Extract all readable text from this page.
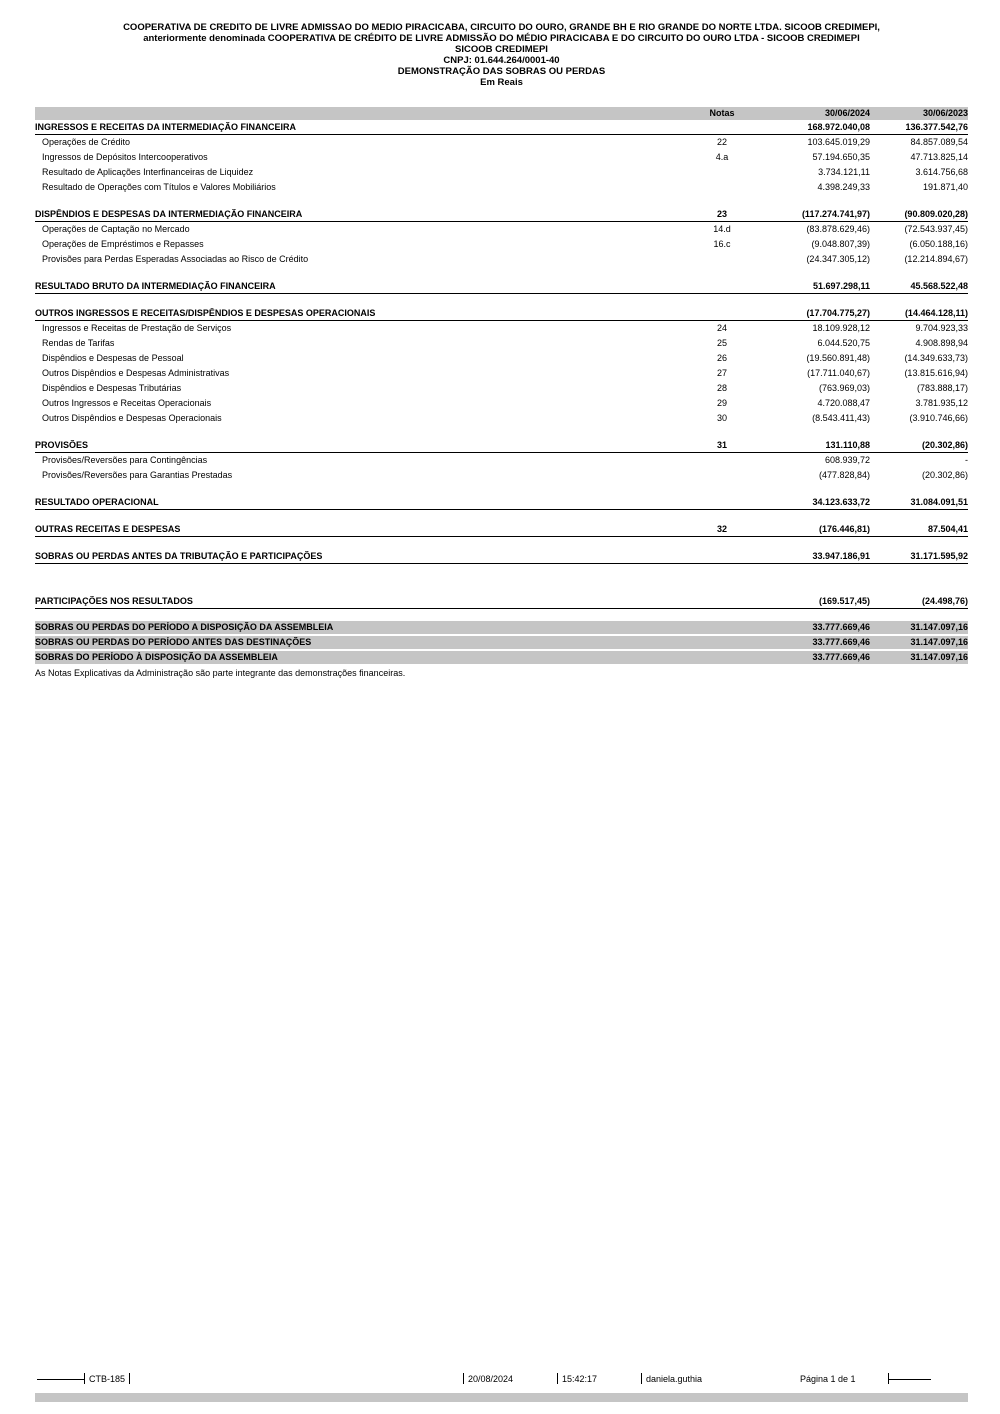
COOPERATIVA DE CREDITO DE LIVRE ADMISSAO DO MEDIO PIRACICABA, CIRCUITO DO OURO, GRANDE BH E RIO GRANDE DO NORTE LTDA. SICOOB CREDIMEPI,
anteriormente denominada COOPERATIVA DE CRÉDITO DE LIVRE ADMISSÃO DO MÉDIO PIRACICABA E DO CIRCUITO DO OURO LTDA - SICOOB CREDIMEPI
SICOOB CREDIMEPI
CNPJ: 01.644.264/0001-40
DEMONSTRAÇÃO DAS SOBRAS OU PERDAS
Em Reais
Notas	30/06/2024	30/06/2023
INGRESSOS E RECEITAS DA INTERMEDIAÇÃO FINANCEIRA	168.972.040,08	136.377.542,76
Operações de Crédito	22	103.645.019,29	84.857.089,54
Ingressos de Depósitos Intercooperativos	4.a	57.194.650,35	47.713.825,14
Resultado de Aplicações Interfinanceiras de Liquidez	3.734.121,11	3.614.756,68
Resultado de Operações com Títulos e Valores Mobiliários	4.398.249,33	191.871,40
DISPÊNDIOS E DESPESAS DA INTERMEDIAÇÃO FINANCEIRA	23	(117.274.741,97)	(90.809.020,28)
Operações de Captação no Mercado	14.d	(83.878.629,46)	(72.543.937,45)
Operações de Empréstimos e Repasses	16.c	(9.048.807,39)	(6.050.188,16)
Provisões para Perdas Esperadas Associadas ao Risco de Crédito	(24.347.305,12)	(12.214.894,67)
RESULTADO BRUTO DA INTERMEDIAÇÃO FINANCEIRA	51.697.298,11	45.568.522,48
OUTROS INGRESSOS E RECEITAS/DISPÊNDIOS E DESPESAS OPERACIONAIS	(17.704.775,27)	(14.464.128,11)
Ingressos e Receitas de Prestação de Serviços	24	18.109.928,12	9.704.923,33
Rendas de Tarifas	25	6.044.520,75	4.908.898,94
Dispêndios e Despesas de Pessoal	26	(19.560.891,48)	(14.349.633,73)
Outros Dispêndios e Despesas Administrativas	27	(17.711.040,67)	(13.815.616,94)
Dispêndios e Despesas Tributárias	28	(763.969,03)	(783.888,17)
Outros Ingressos e Receitas Operacionais	29	4.720.088,47	3.781.935,12
Outros Dispêndios e Despesas Operacionais	30	(8.543.411,43)	(3.910.746,66)
PROVISÕES	31	131.110,88	(20.302,86)
Provisões/Reversões para Contingências	608.939,72	-
Provisões/Reversões para Garantias Prestadas	(477.828,84)	(20.302,86)
RESULTADO OPERACIONAL	34.123.633,72	31.084.091,51
OUTRAS RECEITAS E DESPESAS	32	(176.446,81)	87.504,41
SOBRAS OU PERDAS ANTES DA TRIBUTAÇÃO E PARTICIPAÇÕES	33.947.186,91	31.171.595,92
PARTICIPAÇÕES NOS RESULTADOS	(169.517,45)	(24.498,76)
SOBRAS OU PERDAS DO PERÍODO A DISPOSIÇÃO DA ASSEMBLEIA	33.777.669,46	31.147.097,16
SOBRAS OU PERDAS DO PERÍODO ANTES DAS DESTINAÇÕES	33.777.669,46	31.147.097,16
SOBRAS DO PERÍODO À DISPOSIÇÃO DA ASSEMBLEIA	33.777.669,46	31.147.097,16
As Notas Explicativas da Administração são parte integrante das demonstrações financeiras.
CTB-185	20/08/2024	15:42:17	daniela.guthia	Página 1 de 1
